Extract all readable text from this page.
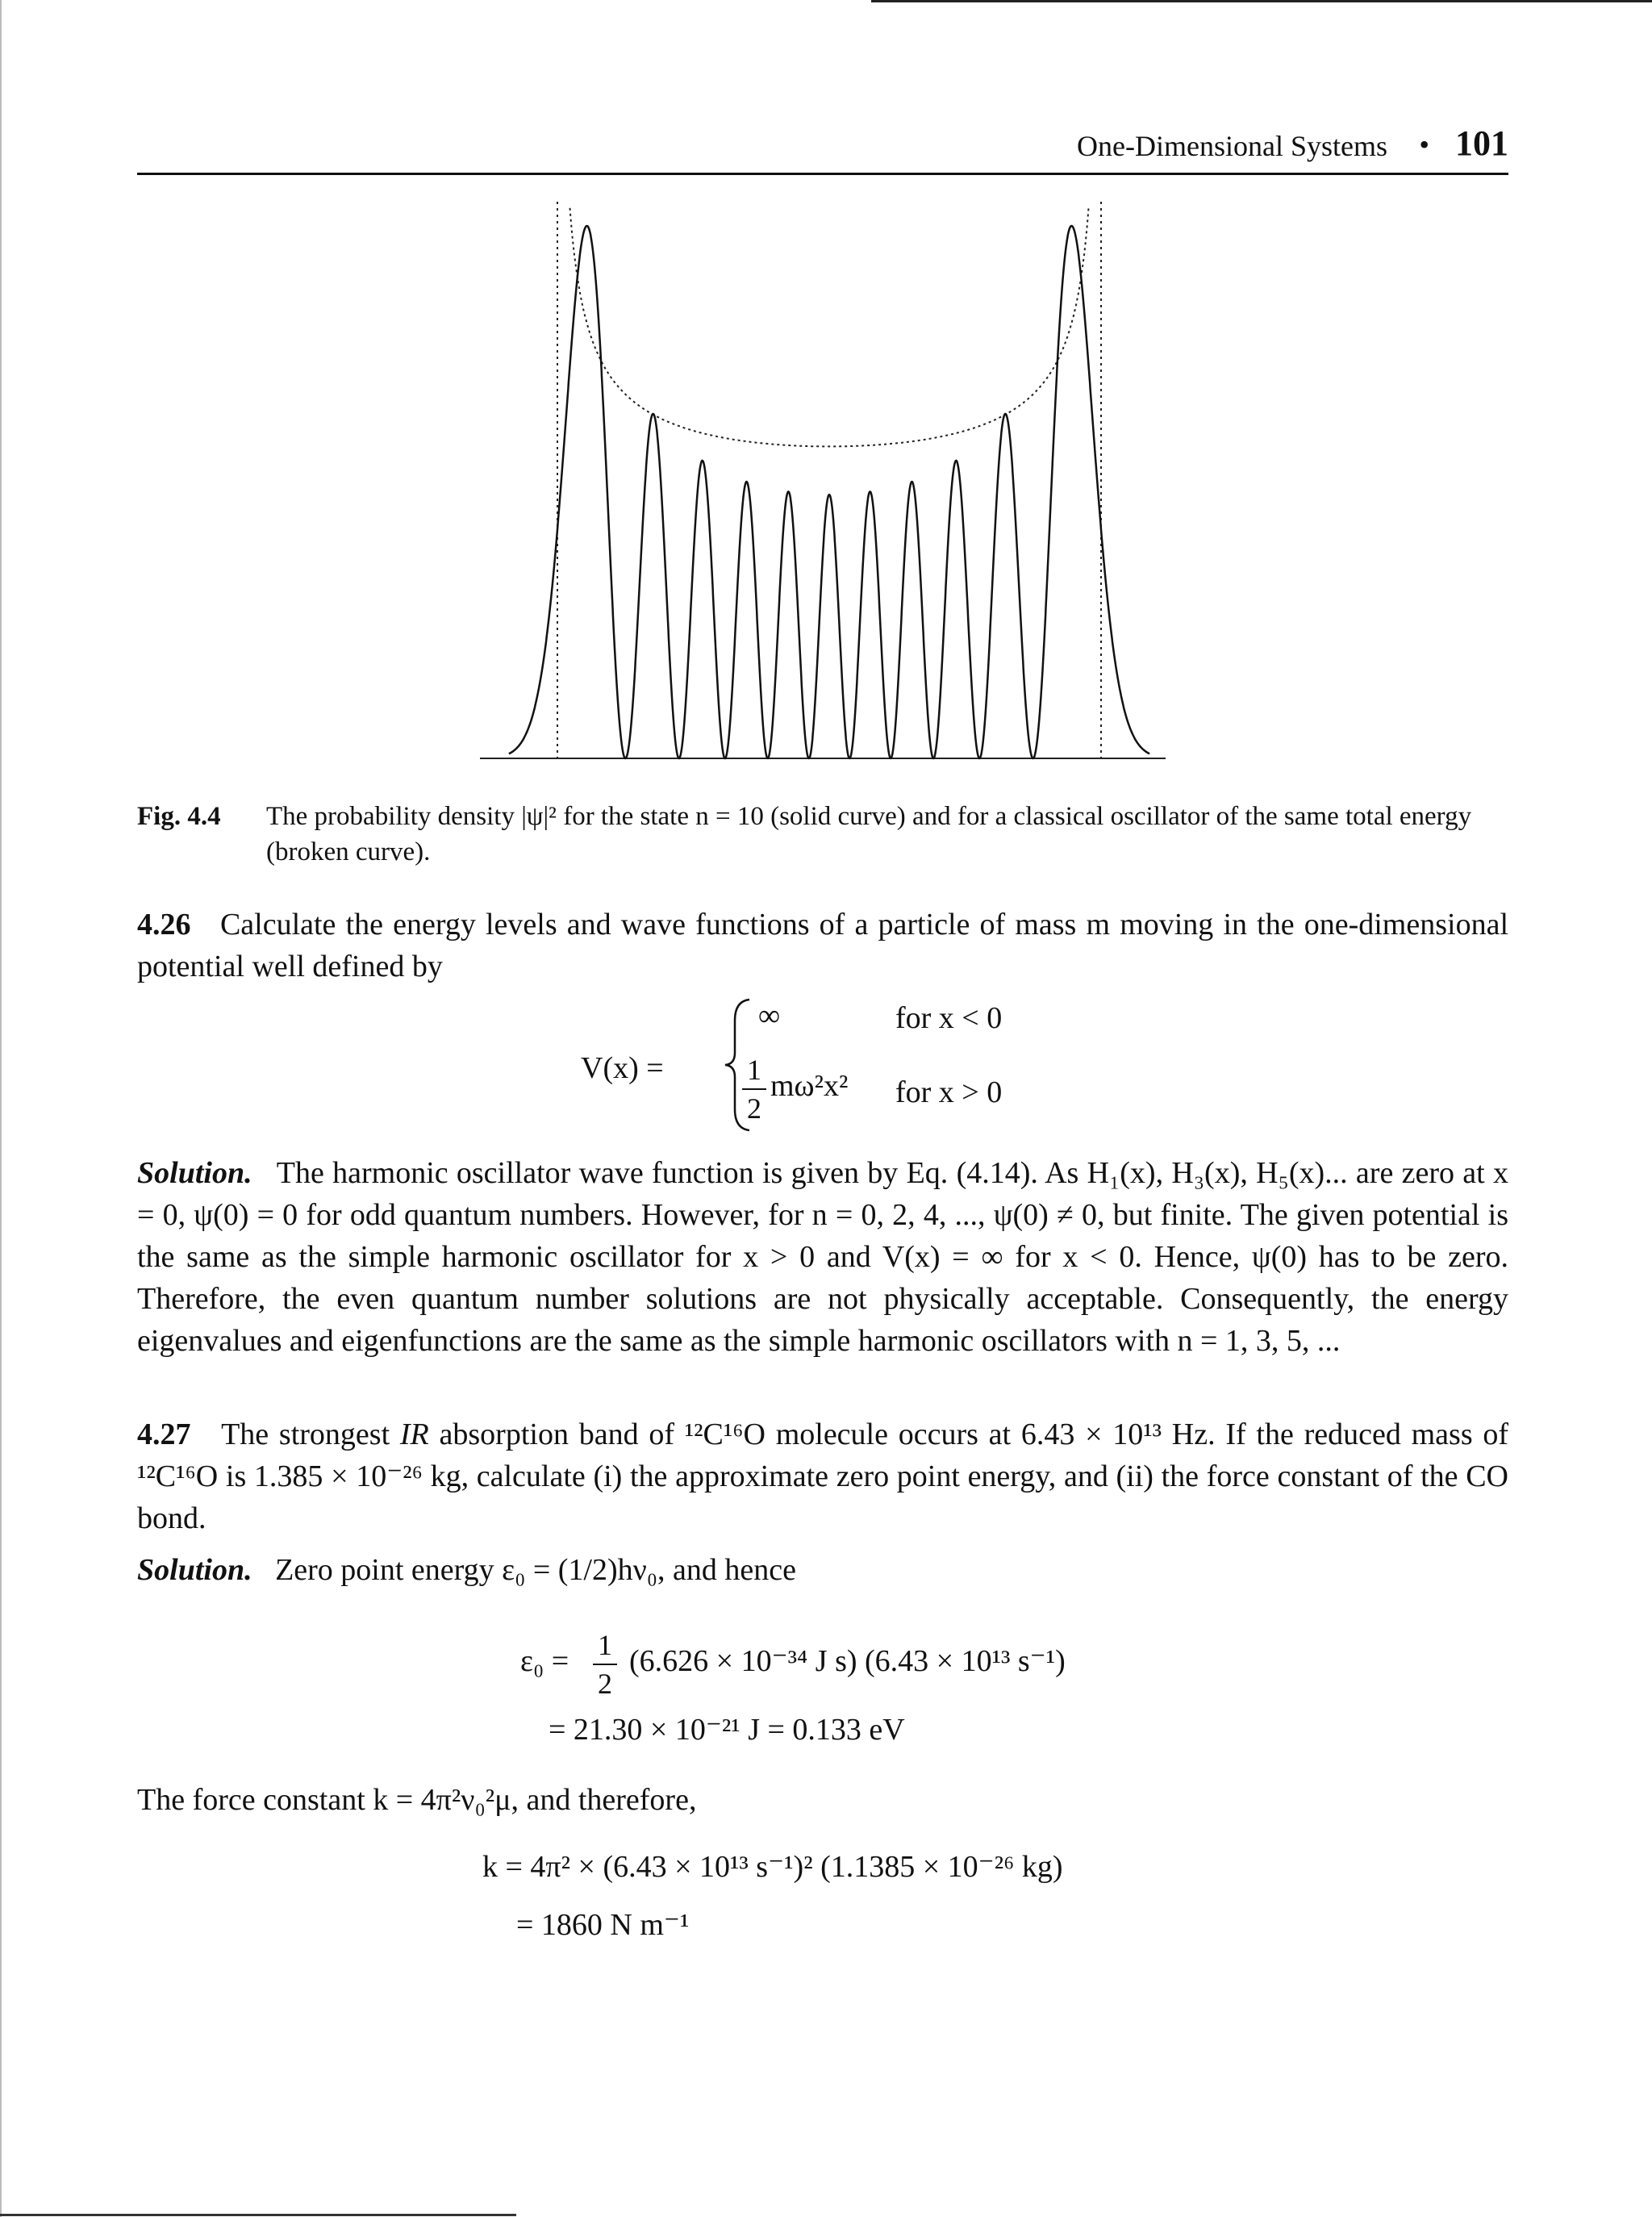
One-Dimensional Systems • 101
Fig. 4.4 The probability density |ψ|² for the state n = 10 (solid curve) and for a classical oscillator of the same total energy (broken curve).
4.26 Calculate the energy levels and wave functions of a particle of mass m moving in the one-dimensional potential well defined by
V(x) =
∞	for x < 0
1
2
mω²x² for x > 0
Solution. The harmonic oscillator wave function is given by Eq. (4.14). As H₁(x), H₃(x), H₅(x)... are zero at x = 0, ψ(0) = 0 for odd quantum numbers. However, for n = 0, 2, 4, ..., ψ(0) ≠ 0, but finite. The given potential is the same as the simple harmonic oscillator for x > 0 and V(x) = ∞ for x < 0. Hence, ψ(0) has to be zero. Therefore, the even quantum number solutions are not physically acceptable. Consequently, the energy eigenvalues and eigenfunctions are the same as the simple harmonic oscillators with n = 1, 3, 5, ...
4.27 The strongest IR absorption band of ¹²C¹⁶O molecule occurs at 6.43 × 10¹³ Hz. If the reduced mass of ¹²C¹⁶O is 1.385 × 10⁻²⁶ kg, calculate (i) the approximate zero point energy, and (ii) the force constant of the CO bond.
Solution. Zero point energy ε₀ = (1/2)hν₀, and hence
ε₀ = 1
2
(6.626 × 10⁻³⁴ J s) (6.43 × 10¹³ s⁻¹)
= 21.30 × 10⁻²¹ J = 0.133 eV
The force constant k = 4π²ν₀²μ, and therefore,
k = 4π² × (6.43 × 10¹³ s⁻¹)² (1.1385 × 10⁻²⁶ kg)
= 1860 N m⁻¹
